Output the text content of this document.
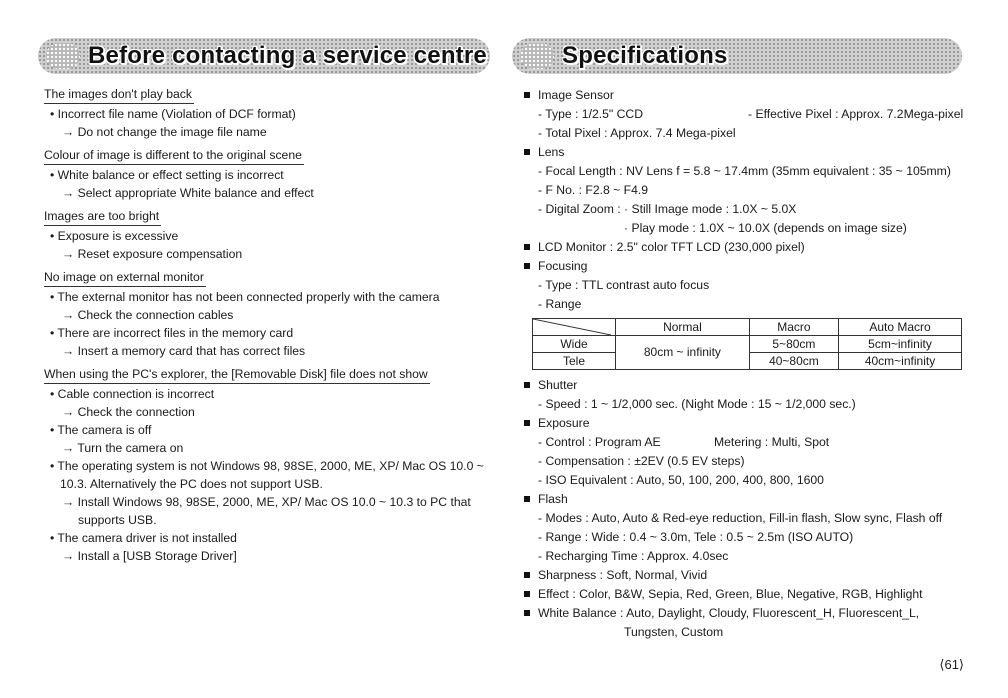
Before contacting a service centre	Specifications
The images don't play back

• Incorrect file name (Violation of DCF format)
→ Do not change the image file name
Colour of image is different to the original scene

• White balance or effect setting is incorrect
→ Select appropriate White balance and effect
Images are too bright

• Exposure is excessive
→ Reset exposure compensation
No image on external monitor

• The external monitor has not been connected properly with the camera
→ Check the connection cables
• There are incorrect files in the memory card
→ Insert a memory card that has correct files
When using the PC's explorer, the [Removable Disk] file does not show

• Cable connection is incorrect
→ Check the connection
• The camera is off
→ Turn the camera on
• The operating system is not Windows 98, 98SE, 2000, ME, XP/ Mac OS 10.0 ~
10.3. Alternatively the PC does not support USB.
→ Install Windows 98, 98SE, 2000, ME, XP/ Mac OS 10.0 ~ 10.3 to PC that
supports USB.
• The camera driver is not installed
→ Install a [USB Storage Driver]
Image Sensor
- Type : 1/2.5" CCD	- Effective Pixel : Approx. 7.2Mega-pixel
- Total Pixel : Approx. 7.4 Mega-pixel
Lens
- Focal Length : NV Lens f = 5.8 ~ 17.4mm (35mm equivalent : 35 ~ 105mm)
- F No. : F2.8 ~ F4.9
- Digital Zoom : · Still Image mode : 1.0X ~ 5.0X
· Play mode : 1.0X ~ 10.0X (depends on image size)
LCD Monitor : 2.5" color TFT LCD (230,000 pixel)
Focusing
- Type : TTL contrast auto focus
- Range
	Normal	Macro	Auto Macro
Wide	80cm ~ infinity	5~80cm	5cm~infinity
Tele		40~80cm	40cm~infinity
Shutter
- Speed : 1 ~ 1/2,000 sec. (Night Mode : 15 ~ 1/2,000 sec.)
Exposure
- Control : Program AE	Metering : Multi, Spot
- Compensation : ±2EV (0.5 EV steps)
- ISO Equivalent : Auto, 50, 100, 200, 400, 800, 1600
Flash
- Modes : Auto, Auto & Red-eye reduction, Fill-in flash, Slow sync, Flash off
- Range : Wide : 0.4 ~ 3.0m, Tele : 0.5 ~ 2.5m (ISO AUTO)
- Recharging Time : Approx. 4.0sec
Sharpness : Soft, Normal, Vivid
Effect : Color, B&W, Sepia, Red, Green, Blue, Negative, RGB, Highlight
White Balance : Auto, Daylight, Cloudy, Fluorescent_H, Fluorescent_L,
Tungsten, Custom
⟨61⟩
